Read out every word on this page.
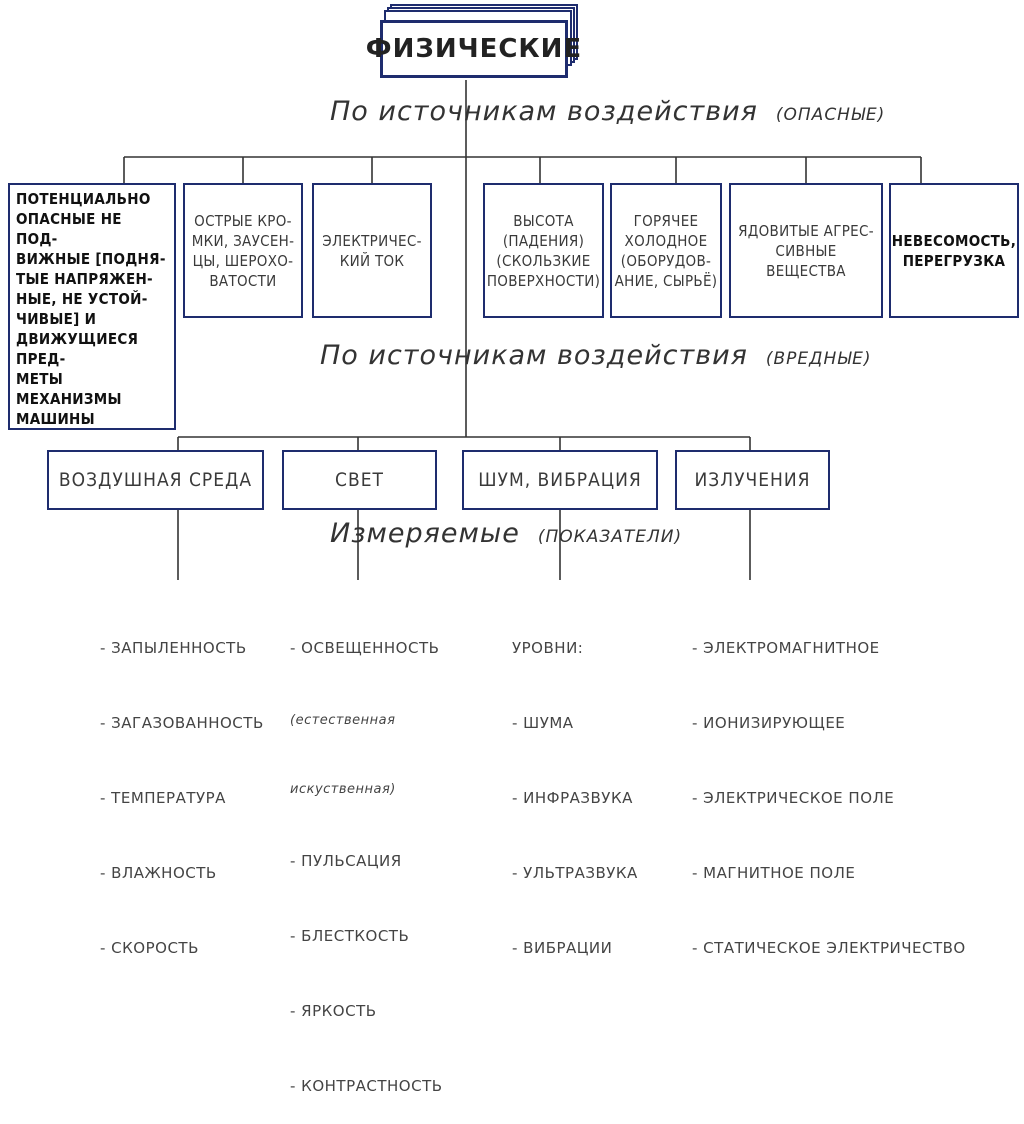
ФИЗИЧЕСКИЕ
По источникам воздействия (ОПАСНЫЕ)
ПОТЕНЦИАЛЬНО
ОПАСНЫЕ НЕ ПОД-
ВИЖНЫЕ [ПОДНЯ-
ТЫЕ НАПРЯЖЕН-
НЫЕ, НЕ УСТОЙ-
ЧИВЫЕ] И
ДВИЖУЩИЕСЯ ПРЕД-
МЕТЫ МЕХАНИЗМЫ
МАШИНЫ
ОСТРЫЕ КРО-
МКИ, ЗАУСЕН-
ЦЫ, ШЕРОХО-
ВАТОСТИ
ЭЛЕКТРИЧЕС-
КИЙ ТОК
ВЫСОТА
(ПАДЕНИЯ)
(СКОЛЬЗКИЕ
ПОВЕРХНОСТИ)
ГОРЯЧЕЕ
ХОЛОДНОЕ
(ОБОРУДОВ-
АНИЕ, СЫРЬЁ)
ЯДОВИТЫЕ АГРЕС-
СИВНЫЕ
ВЕЩЕСТВА
НЕВЕСОМОСТЬ,
ПЕРЕГРУЗКА
По источникам воздействия (ВРЕДНЫЕ)
ВОЗДУШНАЯ СРЕДА	СВЕТ	ШУМ, ВИБРАЦИЯ	ИЗЛУЧЕНИЯ
Измеряемые (ПОКАЗАТЕЛИ)

- ЗАПЫЛЕННОСТЬ

- ЗАГАЗОВАННОСТЬ

- ТЕМПЕРАТУРА

- ВЛАЖНОСТЬ

- СКОРОСТЬ

- ОСВЕЩЕННОСТЬ

(естественная

искуственная)

- ПУЛЬСАЦИЯ

- БЛЕСТКОСТЬ

- ЯРКОСТЬ

- КОНТРАСТНОСТЬ

УРОВНИ:

- ШУМА

- ИНФРАЗВУКА

- УЛЬТРАЗВУКА

- ВИБРАЦИИ

- ЭЛЕКТРОМАГНИТНОЕ

- ИОНИЗИРУЮЩЕЕ

- ЭЛЕКТРИЧЕСКОЕ ПОЛЕ

- МАГНИТНОЕ ПОЛЕ

- СТАТИЧЕСКОЕ ЭЛЕКТРИЧЕСТВО
